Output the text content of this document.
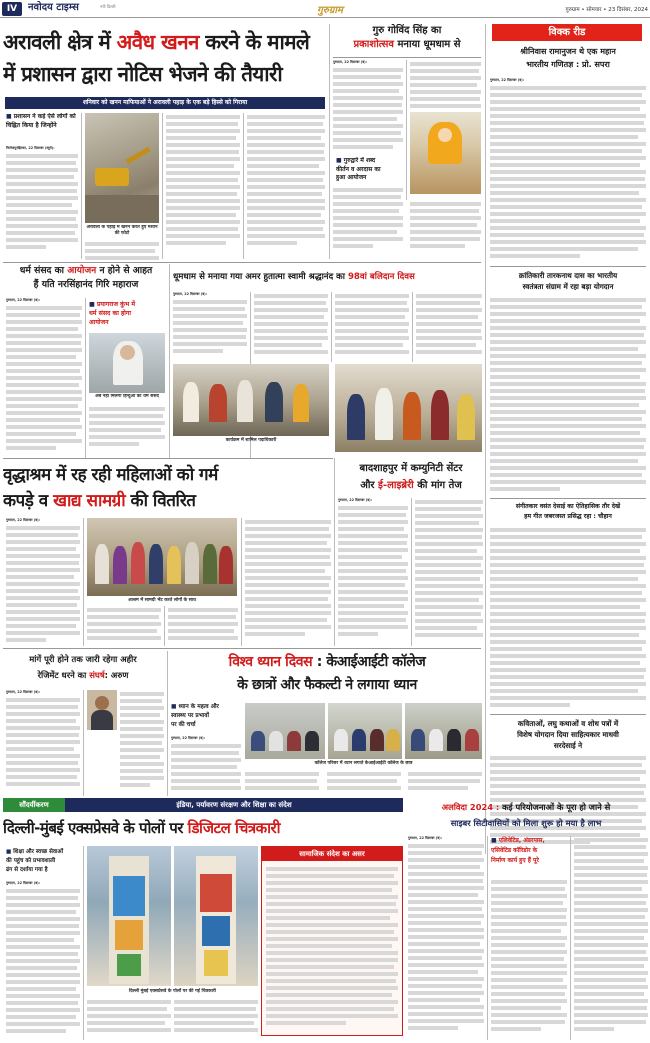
IV	नवोदय टाइम्स	नयी दिल्ली	गुरुग्राम	गुरुग्राम • सोमवार • 23 दिसंबर, 2024
अरावली क्षेत्र में अवैध खनन करने के मामले
में प्रशासन द्वारा नोटिस भेजने की तैयारी
शनिवार को खनन माफियाओं ने अरावली पहाड़ के एक बड़े हिस्से को गिराया
■ प्रशासन ने कई ऐसे लोगों को चिह्नित किया है जिन्होंने
फिरोजपुरझिरका, 22 दिसम्बर (ब्यूरो):
अरावली के पहाड़ में खनन करते हुए मशीन की फोटो
गुरु गोविंद सिंह का
प्रकाशोत्सव मनाया धूमधाम से
गुरुग्राम, 22 दिसम्बर (ब):
■ गुरुद्वारे में शब्द
कीर्तन व अरदास का
हुआ आयोजन
विक्क रीड
श्रीनिवास रामानुजन थे एक महान
भारतीय गणितज्ञ : प्रो. सपरा
गुरुग्राम, 22 दिसम्बर (ब):
क्रांतिकारी तारकनाथ दास का भारतीय
स्वतंत्रता संग्राम में रहा बड़ा योगदान
संगीतकार वसंत देसाई का ऐतिहासिक तौर देखें
हम गीत जबरजस्त प्रसिद्ध रहा : चौहान
कविताओं, लघु कथाओं व शोध पत्रों में
विशेष योगदान दिया साहित्यकार माधवी
सरदेसाई ने
धर्म संसद का आयोजन न होने से आहत
हैं यति नरसिंहानंद गिरि महाराज
गुरुग्राम, 22 दिसम्बर (ब):
■ प्रयागराज कुंभ में
धर्म संसद का होगा
आयोजन
अब नहीं मिलेगी हिन्दुओं को धर्म संसद
धूमधाम से मनाया गया अमर हुतात्मा स्वामी श्रद्धानंद का 98वां बलिदान दिवस
गुरुग्राम, 22 दिसम्बर (ब):
कार्यक्रम में शामिल पदाधिकारी
वृद्धाश्रम में रह रही महिलाओं को गर्म
कपड़े व खाद्य सामग्री की वितरित
गुरुग्राम, 22 दिसम्बर (ब):
आश्रम में सामग्री भेंट करते लोगों के साथ
बादशाहपुर में कम्युनिटी सेंटर
और ई-लाइब्रेरी की मांग तेज
गुरुग्राम, 22 दिसम्बर (ब):
मांगें पूरी होने तक जारी रहेगा अहीर
रेजिमेंट धरने का संघर्ष: अरुण
गुरुग्राम, 22 दिसम्बर (ब):
विश्व ध्यान दिवस : केआईआईटी कॉलेज
के छात्रों और फैकल्टी ने लगाया ध्यान
■ ध्यान के महत्व और
स्वास्थ्य पर प्रभावों
पर की चर्चा
गुरुग्राम, 22 दिसम्बर (ब):
कॉलेज परिसर में ध्यान लगाते केआईआईटी कॉलेज के छात्र
सौंदर्यीकरण	इंडिया, पर्यावरण संरक्षण और शिक्षा का संदेश	अलविदा 2024 : कई परियोजनाओं के पूरा हो जाने से
साइबर सिटीवासियों को मिला शुरू हो मया है लाभ
दिल्ली-मुंबई एक्सप्रेसवे के पोलों पर डिजिटल चित्रकारी
■ शिक्षा और स्वच्छ सेवाओं
की पहुंच को प्रभावशाली
ढंग से दर्शाया गया है
गुरुग्राम, 22 दिसम्बर (ब):
दिल्ली मुंबई एक्सप्रेसवे के पोलों पर की गई चित्रकारी
सामाजिक संदेश का असर
गुरुग्राम, 22 दिसम्बर (ब):	■ एलिवेटिड, अंडरपास,
एसिवेटिड कॉरिडोर के
निर्माण कार्य हुए हैं पूरे
